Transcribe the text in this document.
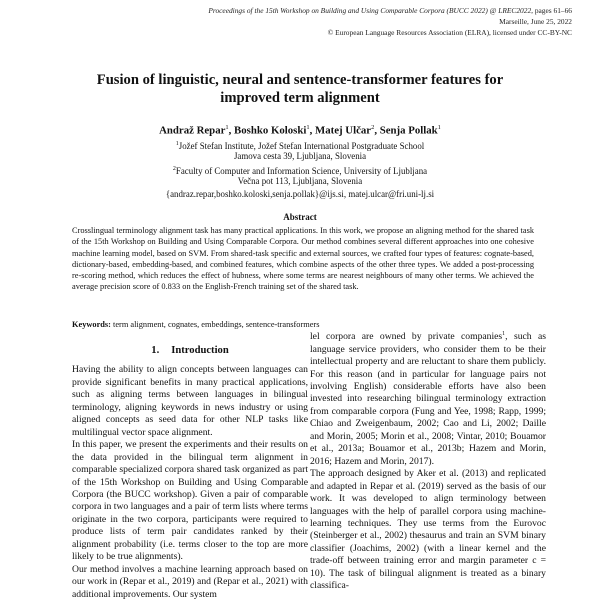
Proceedings of the 15th Workshop on Building and Using Comparable Corpora (BUCC 2022) @ LREC2022, pages 61–66
Marseille, June 25, 2022
© European Language Resources Association (ELRA), licensed under CC-BY-NC
Fusion of linguistic, neural and sentence-transformer features for
improved term alignment
Andraž Repar$^1$, Boshko Koloski$^1$, Matej Ulčar$^2$, Senja Pollak$^1$
$^1$Jožef Stefan Institute, Jožef Stefan International Postgraduate School
Jamova cesta 39, Ljubljana, Slovenia
$^2$Faculty of Computer and Information Science, University of Ljubljana
Večna pot 113, Ljubljana, Slovenia
{andraz.repar,boshko.koloski,senja.pollak}@ijs.si, matej.ulcar@fri.uni-lj.si
Abstract

Crosslingual terminology alignment task has many practical applications. In this work, we propose an aligning method for the shared task of the 15th Workshop on Building and Using Comparable Corpora. Our method combines several different approaches into one cohesive machine learning model, based on SVM. From shared-task specific and external sources, we crafted four types of features: cognate-based, dictionary-based, embedding-based, and combined features, which combine aspects of the other three types. We added a post-processing re-scoring method, which reduces the effect of hubness, where some terms are nearest neighbours of many other terms. We achieved the average precision score of 0.833 on the English-French training set of the shared task.

Keywords: term alignment, cognates, embeddings, sentence-transformers
1. Introduction

Having the ability to align concepts between languages can provide significant benefits in many practical applications, such as aligning terms between languages in bilingual terminology, aligning keywords in news industry or using aligned concepts as seed data for other NLP tasks like multilingual vector space alignment.

In this paper, we present the experiments and their results on the data provided in the bilingual term alignment in comparable specialized corpora shared task organized as part of the 15th Workshop on Building and Using Comparable Corpora (the BUCC workshop). Given a pair of comparable corpora in two languages and a pair of term lists where terms originate in the two corpora, participants were required to produce lists of term pair candidates ranked by their alignment probability (i.e. terms closer to the top are more likely to be true alignments).

Our method involves a machine learning approach based on our work in (Repar et al., 2019) and (Repar et al., 2021) with additional improvements. Our system

lel corpora are owned by private companies$^1$, such as language service providers, who consider them to be their intellectual property and are reluctant to share them publicly. For this reason (and in particular for language pairs not involving English) considerable efforts have also been invested into researching bilingual terminology extraction from comparable corpora (Fung and Yee, 1998; Rapp, 1999; Chiao and Zweigenbaum, 2002; Cao and Li, 2002; Daille and Morin, 2005; Morin et al., 2008; Vintar, 2010; Bouamor et al., 2013a; Bouamor et al., 2013b; Hazem and Morin, 2016; Hazem and Morin, 2017).

The approach designed by Aker et al. (2013) and replicated and adapted in Repar et al. (2019) served as the basis of our work. It was developed to align terminology between languages with the help of parallel corpora using machine-learning techniques. They use terms from the Eurovoc (Steinberger et al., 2002) thesaurus and train an SVM binary classifier (Joachims, 2002) (with a linear kernel and the trade-off between training error and margin parameter c = 10). The task of bilingual alignment is treated as a binary classifica-
